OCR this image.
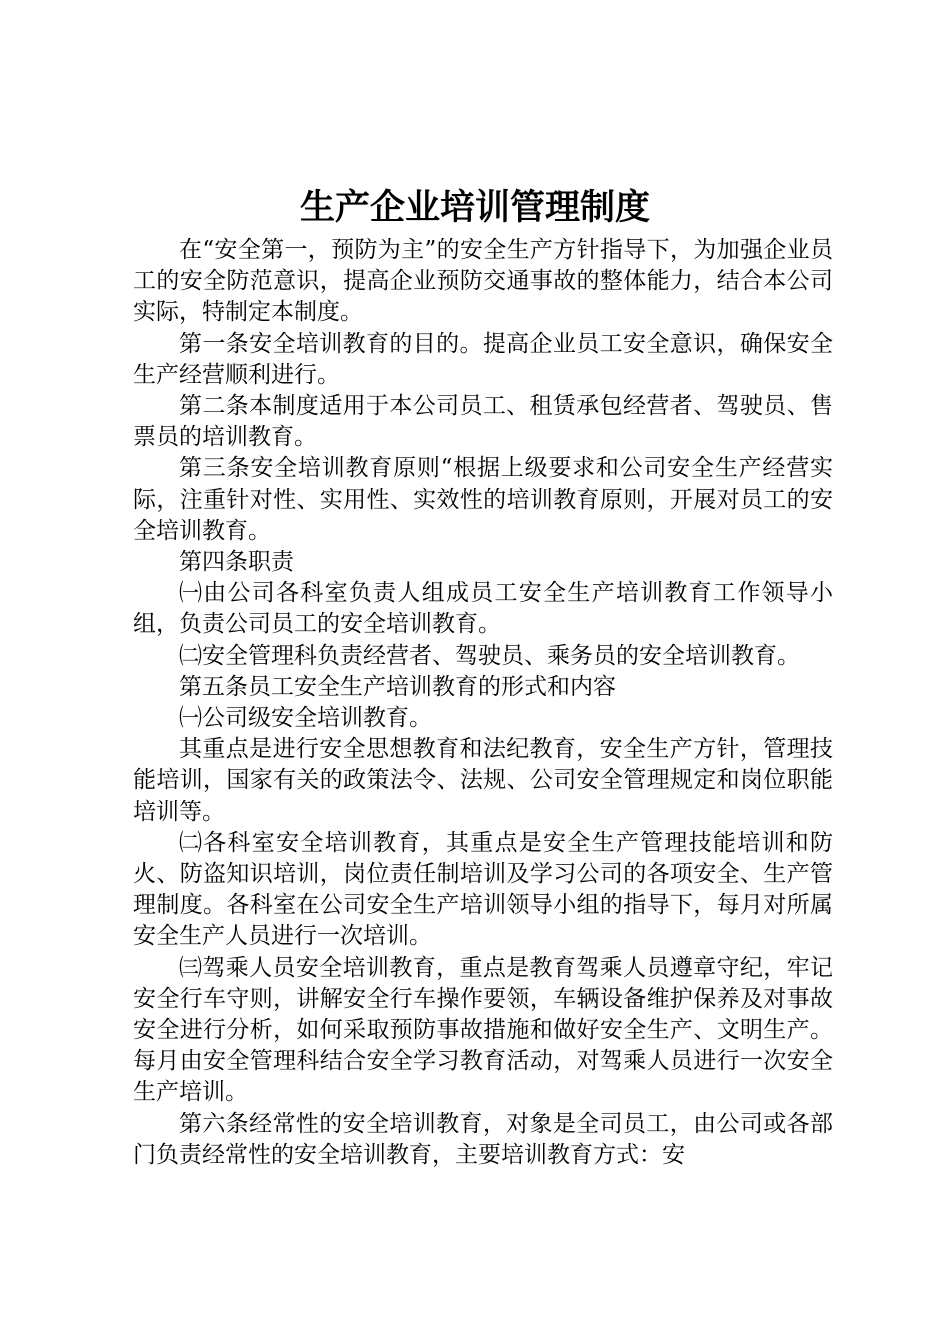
生产企业培训管理制度

在“安全第一，预防为主”的安全生产方针指导下，为加强企业员工的安全防范意识，提高企业预防交通事故的整体能力，结合本公司实际，特制定本制度。

第一条安全培训教育的目的。提高企业员工安全意识，确保安全生产经营顺利进行。

第二条本制度适用于本公司员工、租赁承包经营者、驾驶员、售票员的培训教育。

第三条安全培训教育原则“根据上级要求和公司安全生产经营实际，注重针对性、实用性、实效性的培训教育原则，开展对员工的安全培训教育。

第四条职责

㈠由公司各科室负责人组成员工安全生产培训教育工作领导小组，负责公司员工的安全培训教育。

㈡安全管理科负责经营者、驾驶员、乘务员的安全培训教育。

第五条员工安全生产培训教育的形式和内容

㈠公司级安全培训教育。

其重点是进行安全思想教育和法纪教育，安全生产方针，管理技能培训，国家有关的政策法令、法规、公司安全管理规定和岗位职能培训等。

㈡各科室安全培训教育，其重点是安全生产管理技能培训和防火、防盗知识培训，岗位责任制培训及学习公司的各项安全、生产管理制度。各科室在公司安全生产培训领导小组的指导下，每月对所属安全生产人员进行一次培训。

㈢驾乘人员安全培训教育，重点是教育驾乘人员遵章守纪，牢记安全行车守则，讲解安全行车操作要领，车辆设备维护保养及对事故安全进行分析，如何采取预防事故措施和做好安全生产、文明生产。每月由安全管理科结合安全学习教育活动，对驾乘人员进行一次安全生产培训。

第六条经常性的安全培训教育，对象是全司员工，由公司或各部门负责经常性的安全培训教育，主要培训教育方式：安
